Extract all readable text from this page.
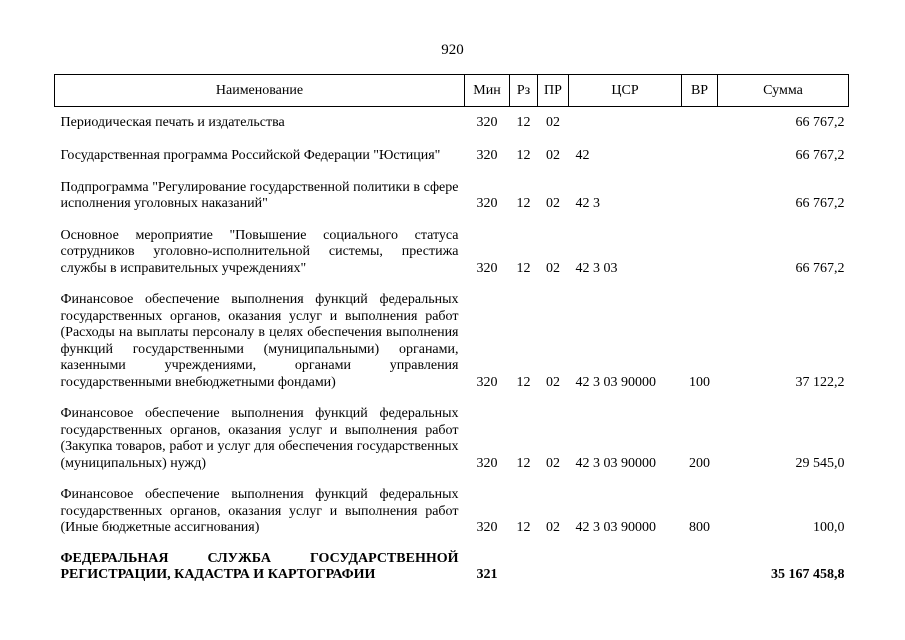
920
Наименование	Мин	Рз	ПР	ЦСР	ВР	Сумма

Периодическая печать и издательства	320	12	02			66 767,2

Государственная программа Российской Федерации "Юстиция"	320	12	02	42		66 767,2

Подпрограмма "Регулирование государственной политики в сфере исполнения уголовных наказаний"	320	12	02	42 3		66 767,2

Основное мероприятие "Повышение социального статуса сотрудников уголовно-исполнительной системы, престижа службы в исправительных учреждениях"	320	12	02	42 3 03		66 767,2

Финансовое обеспечение выполнения функций федеральных государственных органов, оказания услуг и выполнения работ (Расходы на выплаты персоналу в целях обеспечения выполнения функций государственными (муниципальными) органами, казенными учреждениями, органами управления государственными внебюджетными фондами)	320	12	02	42 3 03 90000	100	37 122,2

Финансовое обеспечение выполнения функций федеральных государственных органов, оказания услуг и выполнения работ (Закупка товаров, работ и услуг для обеспечения государственных (муниципальных) нужд)	320	12	02	42 3 03 90000	200	29 545,0

Финансовое обеспечение выполнения функций федеральных государственных органов, оказания услуг и выполнения работ (Иные бюджетные ассигнования)	320	12	02	42 3 03 90000	800	100,0

ФЕДЕРАЛЬНАЯ СЛУЖБА ГОСУДАРСТВЕННОЙ РЕГИСТРАЦИИ, КАДАСТРА И КАРТОГРАФИИ	321					35 167 458,8
